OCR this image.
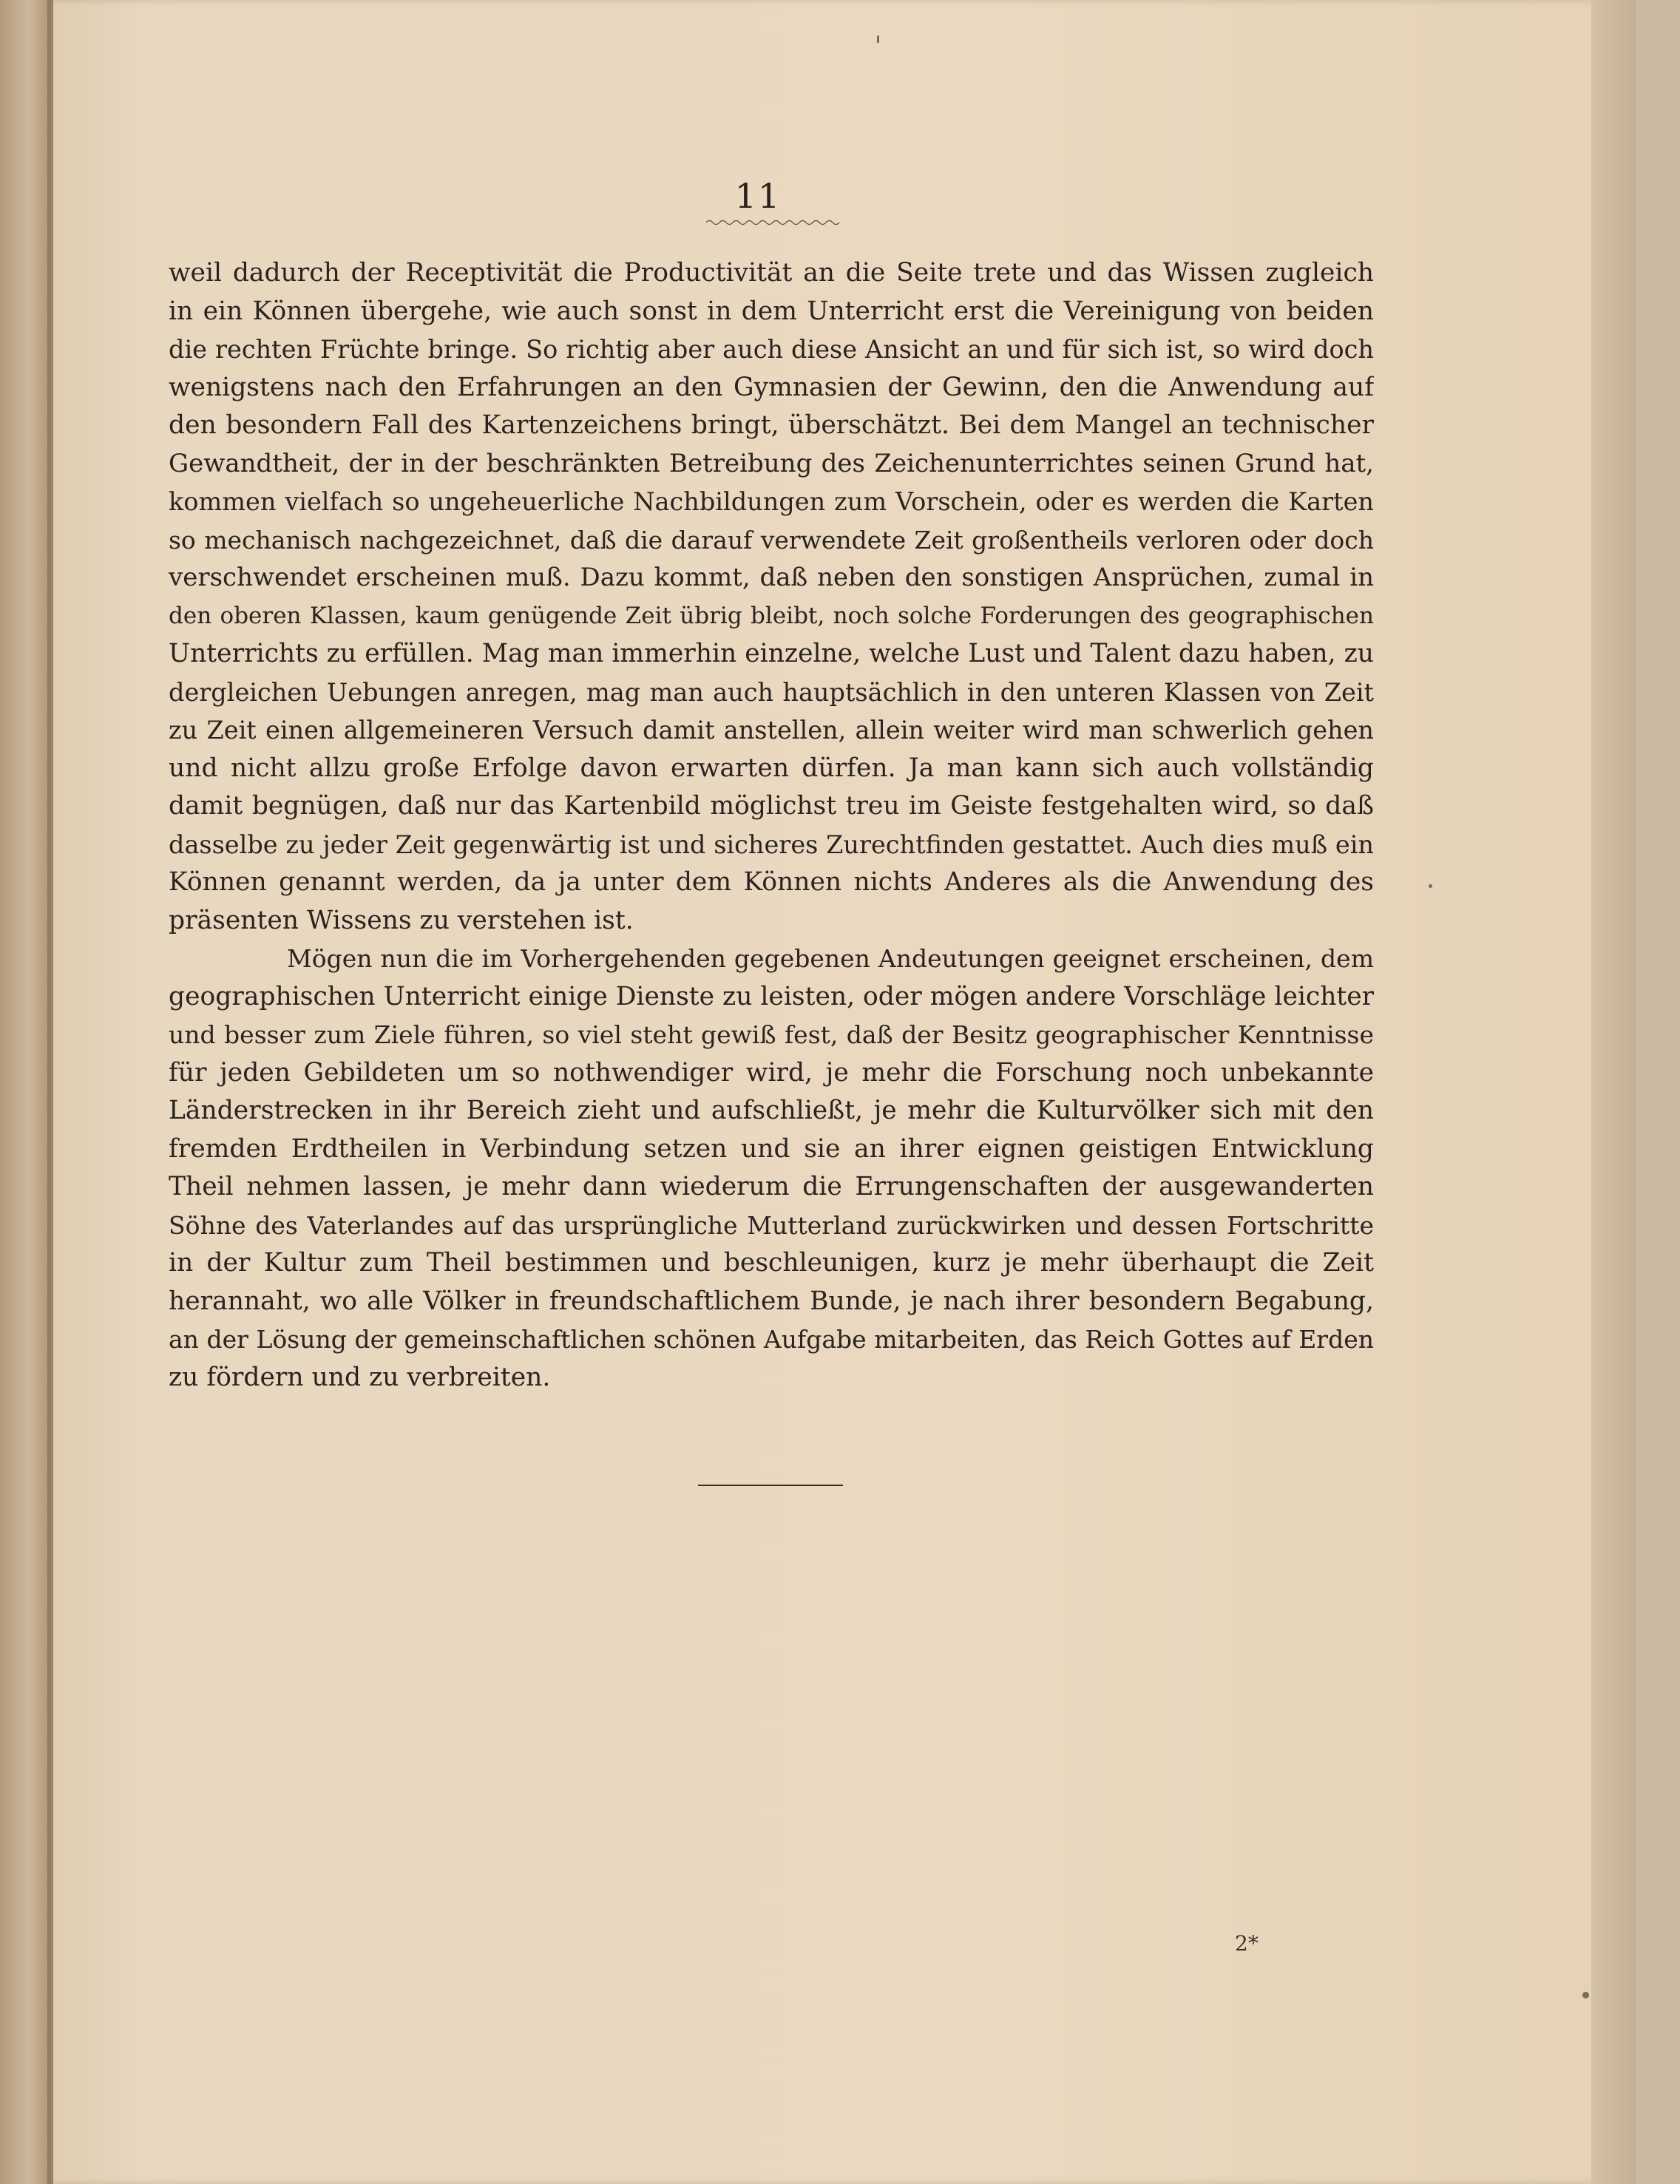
11
weil dadurch der Receptivität die Productivität an die Seite trete und das Wissen zugleich
in ein Können übergehe, wie auch sonst in dem Unterricht erst die Vereinigung von beiden
die rechten Früchte bringe. So richtig aber auch diese Ansicht an und für sich ist, so wird doch
wenigstens nach den Erfahrungen an den Gymnasien der Gewinn, den die Anwendung auf
den besondern Fall des Kartenzeichens bringt, überschätzt. Bei dem Mangel an technischer
Gewandtheit, der in der beschränkten Betreibung des Zeichenunterrichtes seinen Grund hat,
kommen vielfach so ungeheuerliche Nachbildungen zum Vorschein, oder es werden die Karten
so mechanisch nachgezeichnet, daß die darauf verwendete Zeit großentheils verloren oder doch
verschwendet erscheinen muß. Dazu kommt, daß neben den sonstigen Ansprüchen, zumal in
den oberen Klassen, kaum genügende Zeit übrig bleibt, noch solche Forderungen des geographischen
Unterrichts zu erfüllen. Mag man immerhin einzelne, welche Lust und Talent dazu haben, zu
dergleichen Uebungen anregen, mag man auch hauptsächlich in den unteren Klassen von Zeit
zu Zeit einen allgemeineren Versuch damit anstellen, allein weiter wird man schwerlich gehen
und nicht allzu große Erfolge davon erwarten dürfen. Ja man kann sich auch vollständig
damit begnügen, daß nur das Kartenbild möglichst treu im Geiste festgehalten wird, so daß
dasselbe zu jeder Zeit gegenwärtig ist und sicheres Zurechtfinden gestattet. Auch dies muß ein
Können genannt werden, da ja unter dem Können nichts Anderes als die Anwendung des
präsenten Wissens zu verstehen ist.
Mögen nun die im Vorhergehenden gegebenen Andeutungen geeignet erscheinen, dem
geographischen Unterricht einige Dienste zu leisten, oder mögen andere Vorschläge leichter
und besser zum Ziele führen, so viel steht gewiß fest, daß der Besitz geographischer Kenntnisse
für jeden Gebildeten um so nothwendiger wird, je mehr die Forschung noch unbekannte
Länderstrecken in ihr Bereich zieht und aufschließt, je mehr die Kulturvölker sich mit den
fremden Erdtheilen in Verbindung setzen und sie an ihrer eignen geistigen Entwicklung
Theil nehmen lassen, je mehr dann wiederum die Errungenschaften der ausgewanderten
Söhne des Vaterlandes auf das ursprüngliche Mutterland zurückwirken und dessen Fortschritte
in der Kultur zum Theil bestimmen und beschleunigen, kurz je mehr überhaupt die Zeit
herannaht, wo alle Völker in freundschaftlichem Bunde, je nach ihrer besondern Begabung,
an der Lösung der gemeinschaftlichen schönen Aufgabe mitarbeiten, das Reich Gottes auf Erden
zu fördern und zu verbreiten.
2*
